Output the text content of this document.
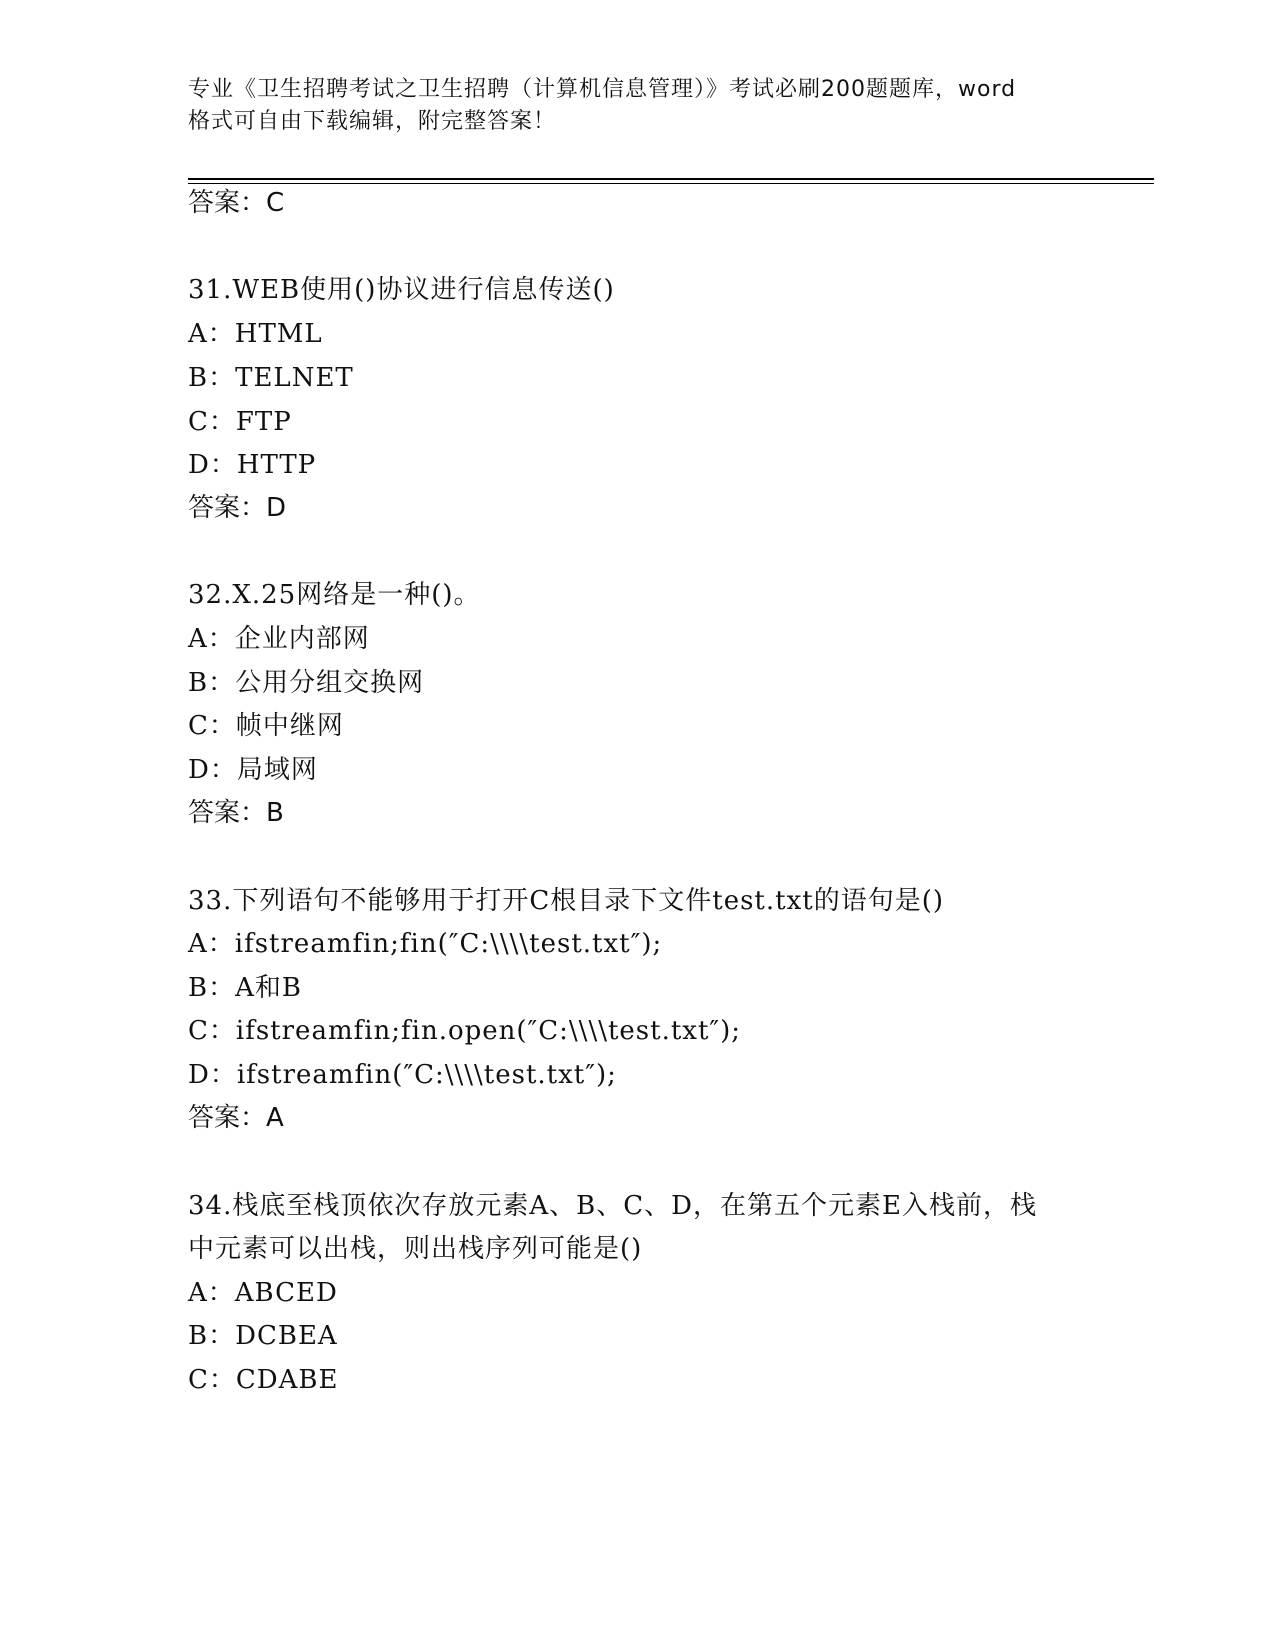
专业《卫生招聘考试之卫生招聘（计算机信息管理）》考试必刷200题题库，word
格式可自由下载编辑，附完整答案！
答案：C
31.WEB使用()协议进行信息传送()
A：HTML
B：TELNET
C：FTP
D：HTTP
答案：D
32.X.25网络是一种()。
A：企业内部网
B：公用分组交换网
C：帧中继网
D：局域网
答案：B
33.下列语句不能够用于打开C根目录下文件test.txt的语句是()
A：ifstreamfin;fin(″C:\\\\test.txt″);
B：A和B
C：ifstreamfin;fin.open(″C:\\\\test.txt″);
D：ifstreamfin(″C:\\\\test.txt″);
答案：A
34.栈底至栈顶依次存放元素A、B、C、D，在第五个元素E入栈前，栈
中元素可以出栈，则出栈序列可能是()
A：ABCED
B：DCBEA
C：CDABE
